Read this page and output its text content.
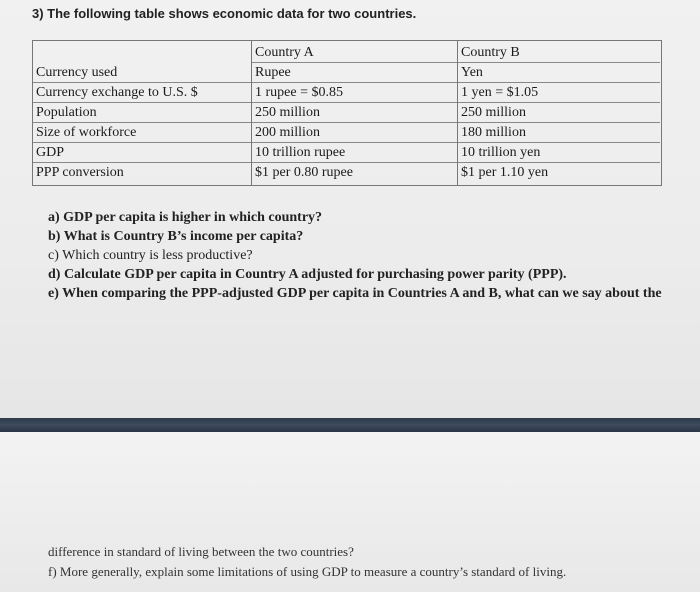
3) The following table shows economic data for two countries.
Currency used
Currency exchange to U.S. $
Population
Size of workforce
GDP
PPP conversion
Country A
Rupee
1 rupee = $0.85
250 million
200 million
10 trillion rupee
$1 per 0.80 rupee
Country B
Yen
1 yen = $1.05
250 million
180 million
10 trillion yen
$1 per 1.10 yen
a) GDP per capita is higher in which country?
b) What is Country B’s income per capita?
c) Which country is less productive?
d) Calculate GDP per capita in Country A adjusted for purchasing power parity (PPP).
e) When comparing the PPP-adjusted GDP per capita in Countries A and B, what can we say about the
difference in standard of living between the two countries?
f) More generally, explain some limitations of using GDP to measure a country’s standard of living.
